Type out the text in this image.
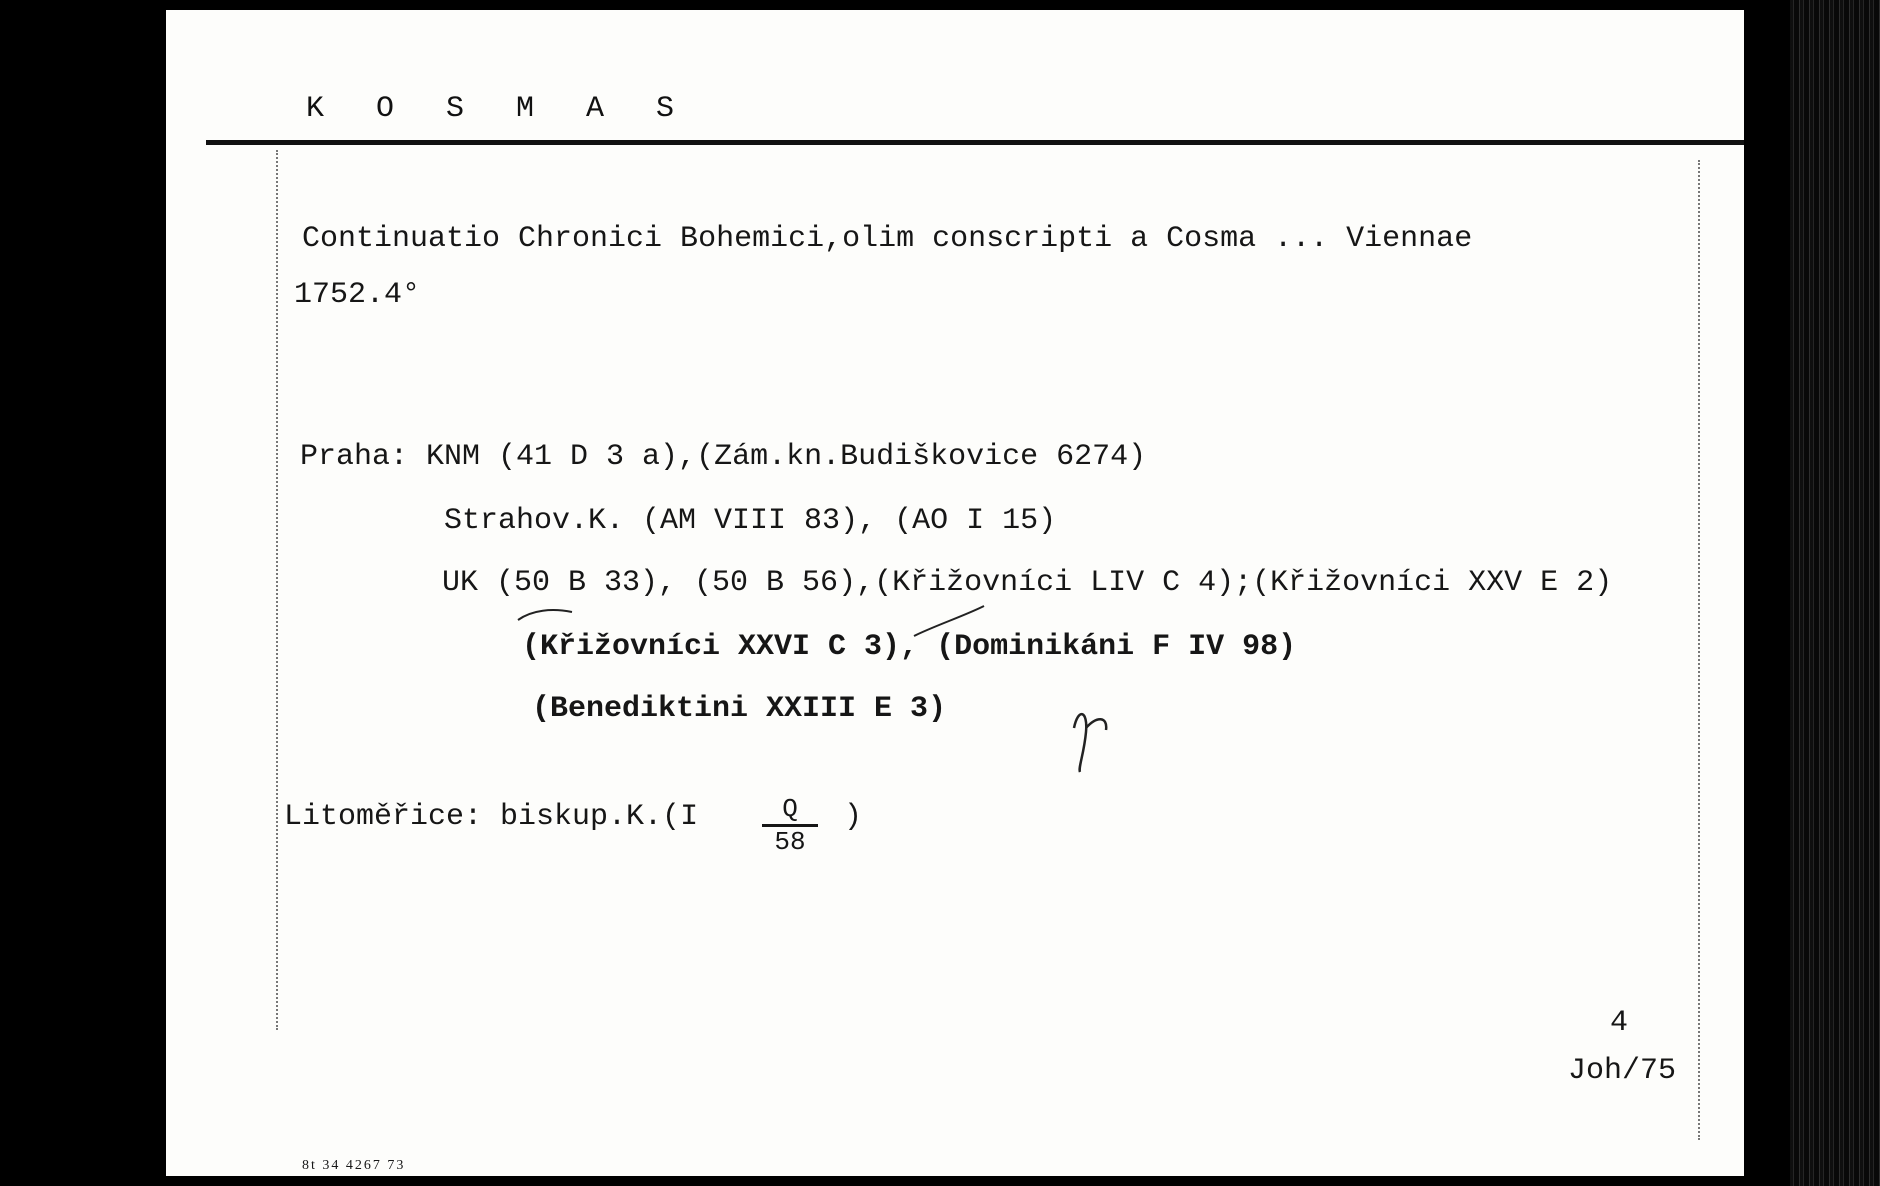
K O S M A S
Continuatio Chronici Bohemici,olim conscripti a Cosma ... Viennae
1752.4°
Praha: KNM (41 D 3 a),(Zám.kn.Budiškovice 6274)
Strahov.K. (AM VIII 83), (AO I 15)
UK (50 B 33), (50 B 56),(Křižovníci LIV C 4);(Křižovníci XXV E 2)
(Křižovníci XXVI C 3), (Dominikáni F IV 98)
(Benediktini XXIII E 3)
Litoměřice: biskup.K.(I	Q
58
)
4
Joh/75
8t 34 4267 73
